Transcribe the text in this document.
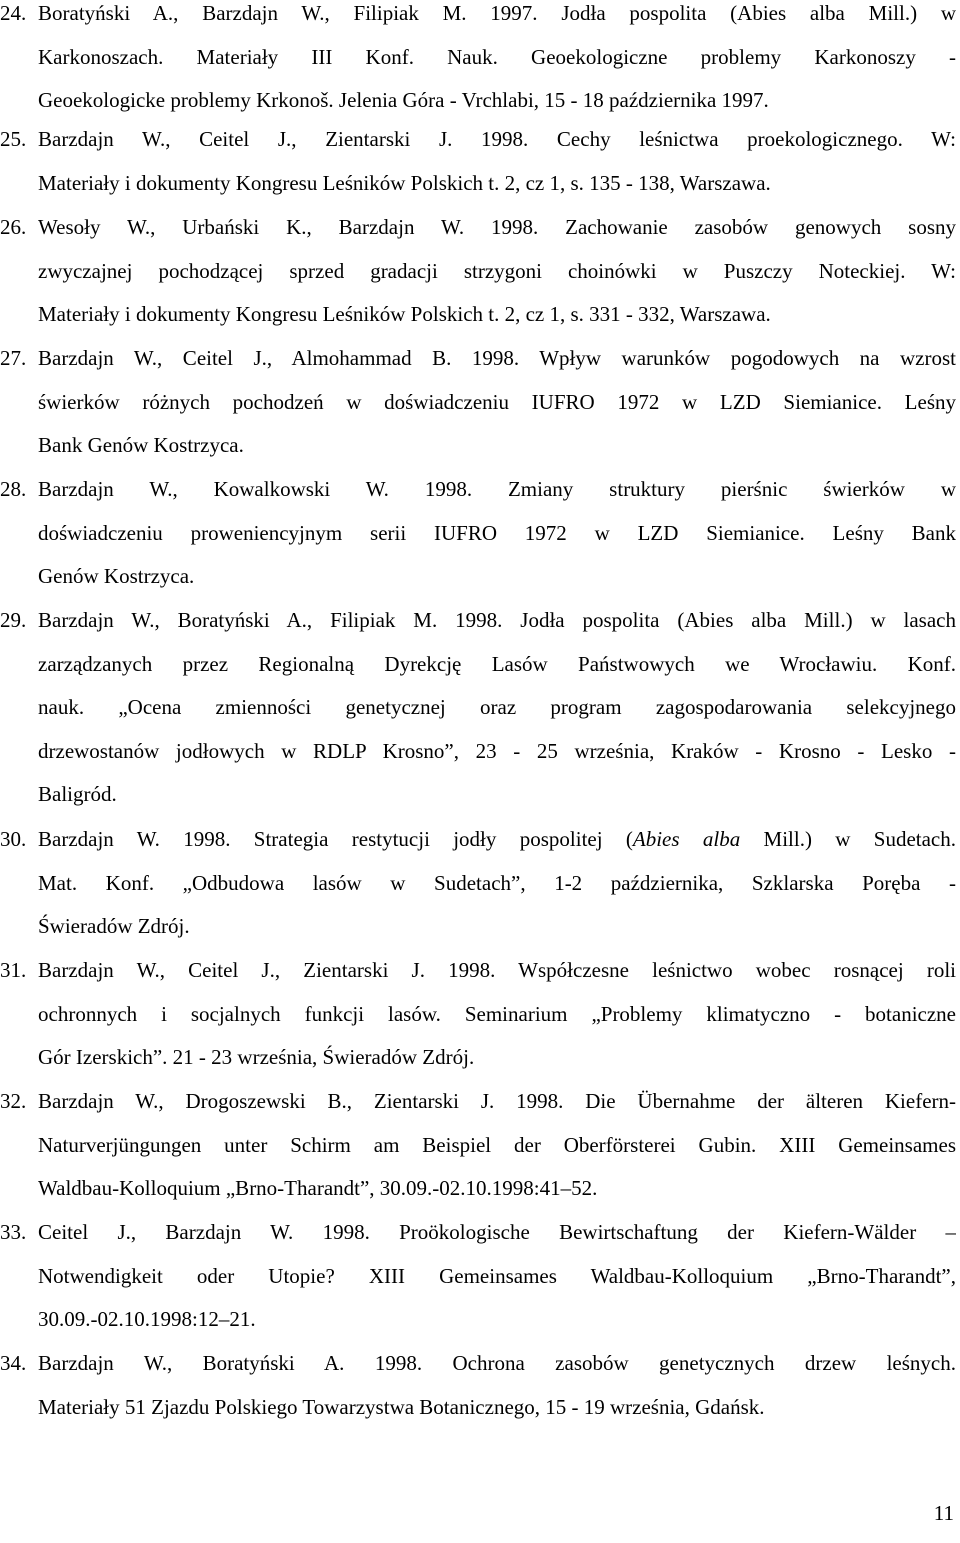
24. Boratyński A., Barzdajn W., Filipiak M. 1997. Jodła pospolita (Abies alba Mill.) w
Karkonoszach. Materiały III Konf. Nauk. Geoekologiczne problemy Karkonoszy -
Geoekologicke problemy Krkonoš. Jelenia Góra - Vrchlabi, 15 - 18 października 1997.
25. Barzdajn W., Ceitel J., Zientarski J. 1998. Cechy leśnictwa proekologicznego. W:
Materiały i dokumenty Kongresu Leśników Polskich t. 2, cz 1, s. 135 - 138, Warszawa.
26. Wesoły W., Urbański K., Barzdajn W. 1998. Zachowanie zasobów genowych sosny
zwyczajnej pochodzącej sprzed gradacji strzygoni choinówki w Puszczy Noteckiej. W:
Materiały i dokumenty Kongresu Leśników Polskich t. 2, cz 1, s. 331 - 332, Warszawa.
27. Barzdajn W., Ceitel J., Almohammad B. 1998. Wpływ warunków pogodowych na wzrost
świerków różnych pochodzeń w doświadczeniu IUFRO 1972 w LZD Siemianice. Leśny
Bank Genów Kostrzyca.
28. Barzdajn W., Kowalkowski W. 1998. Zmiany struktury pierśnic świerków w
doświadczeniu proweniencyjnym serii IUFRO 1972 w LZD Siemianice. Leśny Bank
Genów Kostrzyca.
29. Barzdajn W., Boratyński A., Filipiak M. 1998. Jodła pospolita (Abies alba Mill.) w lasach
zarządzanych przez Regionalną Dyrekcję Lasów Państwowych we Wrocławiu. Konf.
nauk. „Ocena zmienności genetycznej oraz program zagospodarowania selekcyjnego
drzewostanów jodłowych w RDLP Krosno”, 23 - 25 września, Kraków - Krosno - Lesko -
Baligród.
30. Barzdajn W. 1998. Strategia restytucji jodły pospolitej (Abies alba Mill.) w Sudetach.
Mat. Konf. „Odbudowa lasów w Sudetach”, 1-2 października, Szklarska Poręba -
Świeradów Zdrój.
31. Barzdajn W., Ceitel J., Zientarski J. 1998. Współczesne leśnictwo wobec rosnącej roli
ochronnych i socjalnych funkcji lasów. Seminarium „Problemy klimatyczno - botaniczne
Gór Izerskich”. 21 - 23 września, Świeradów Zdrój.
32. Barzdajn W., Drogoszewski B., Zientarski J. 1998. Die Übernahme der älteren Kiefern-
Naturverjüngungen unter Schirm am Beispiel der Oberförsterei Gubin. XIII Gemeinsames
Waldbau-Kolloquium „Brno-Tharandt”, 30.09.-02.10.1998:41–52.
33. Ceitel J., Barzdajn W. 1998. Proökologische Bewirtschaftung der Kiefern-Wälder –
Notwendigkeit oder Utopie? XIII Gemeinsames Waldbau-Kolloquium „Brno-Tharandt”,
30.09.-02.10.1998:12–21.
34. Barzdajn W., Boratyński A. 1998. Ochrona zasobów genetycznych drzew leśnych.
Materiały 51 Zjazdu Polskiego Towarzystwa Botanicznego, 15 - 19 września, Gdańsk.
11
